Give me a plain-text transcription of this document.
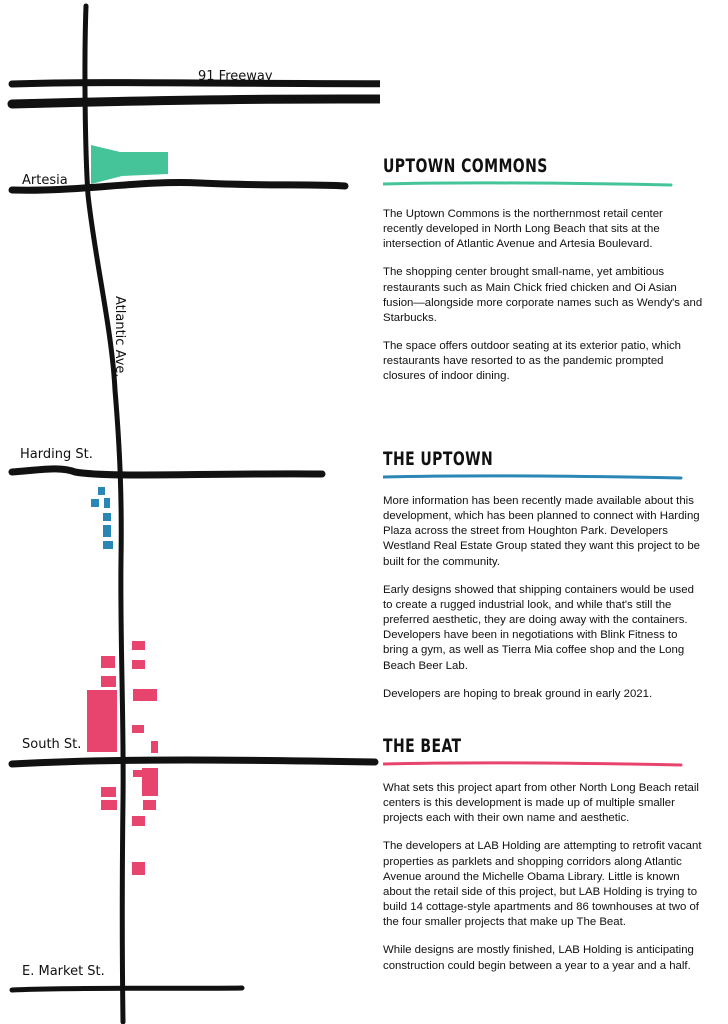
91 Freeway
Artesia
Atlantic Ave.
Harding St.
South St.
E. Market St.
UPTOWN COMMONS

The Uptown Commons is the northernmost retail center recently developed in North Long Beach that sits at the intersection of Atlantic Avenue and Artesia Boulevard.

The shopping center brought small-name, yet ambitious restaurants such as Main Chick fried chicken and Oi Asian fusion—alongside more corporate names such as Wendy's and Starbucks.

The space offers outdoor seating at its exterior patio, which restaurants have resorted to as the pandemic prompted closures of indoor dining.

THE UPTOWN

More information has been recently made available about this development, which has been planned to connect with Harding Plaza across the street from Houghton Park. Developers Westland Real Estate Group stated they want this project to be built for the community.

Early designs showed that shipping containers would be used to create a rugged industrial look, and while that's still the preferred aesthetic, they are doing away with the containers. Developers have been in negotiations with Blink Fitness to bring a gym, as well as Tierra Mia coffee shop and the Long Beach Beer Lab.

Developers are hoping to break ground in early 2021.

THE BEAT

What sets this project apart from other North Long Beach retail centers is this development is made up of multiple smaller projects each with their own name and aesthetic.

The developers at LAB Holding are attempting to retrofit vacant properties as parklets and shopping corridors along Atlantic Avenue around the Michelle Obama Library. Little is known about the retail side of this project, but LAB Holding is trying to build 14 cottage-style apartments and 86 townhouses at two of the four smaller projects that make up The Beat.

While designs are mostly finished, LAB Holding is anticipating construction could begin between a year to a year and a half.
